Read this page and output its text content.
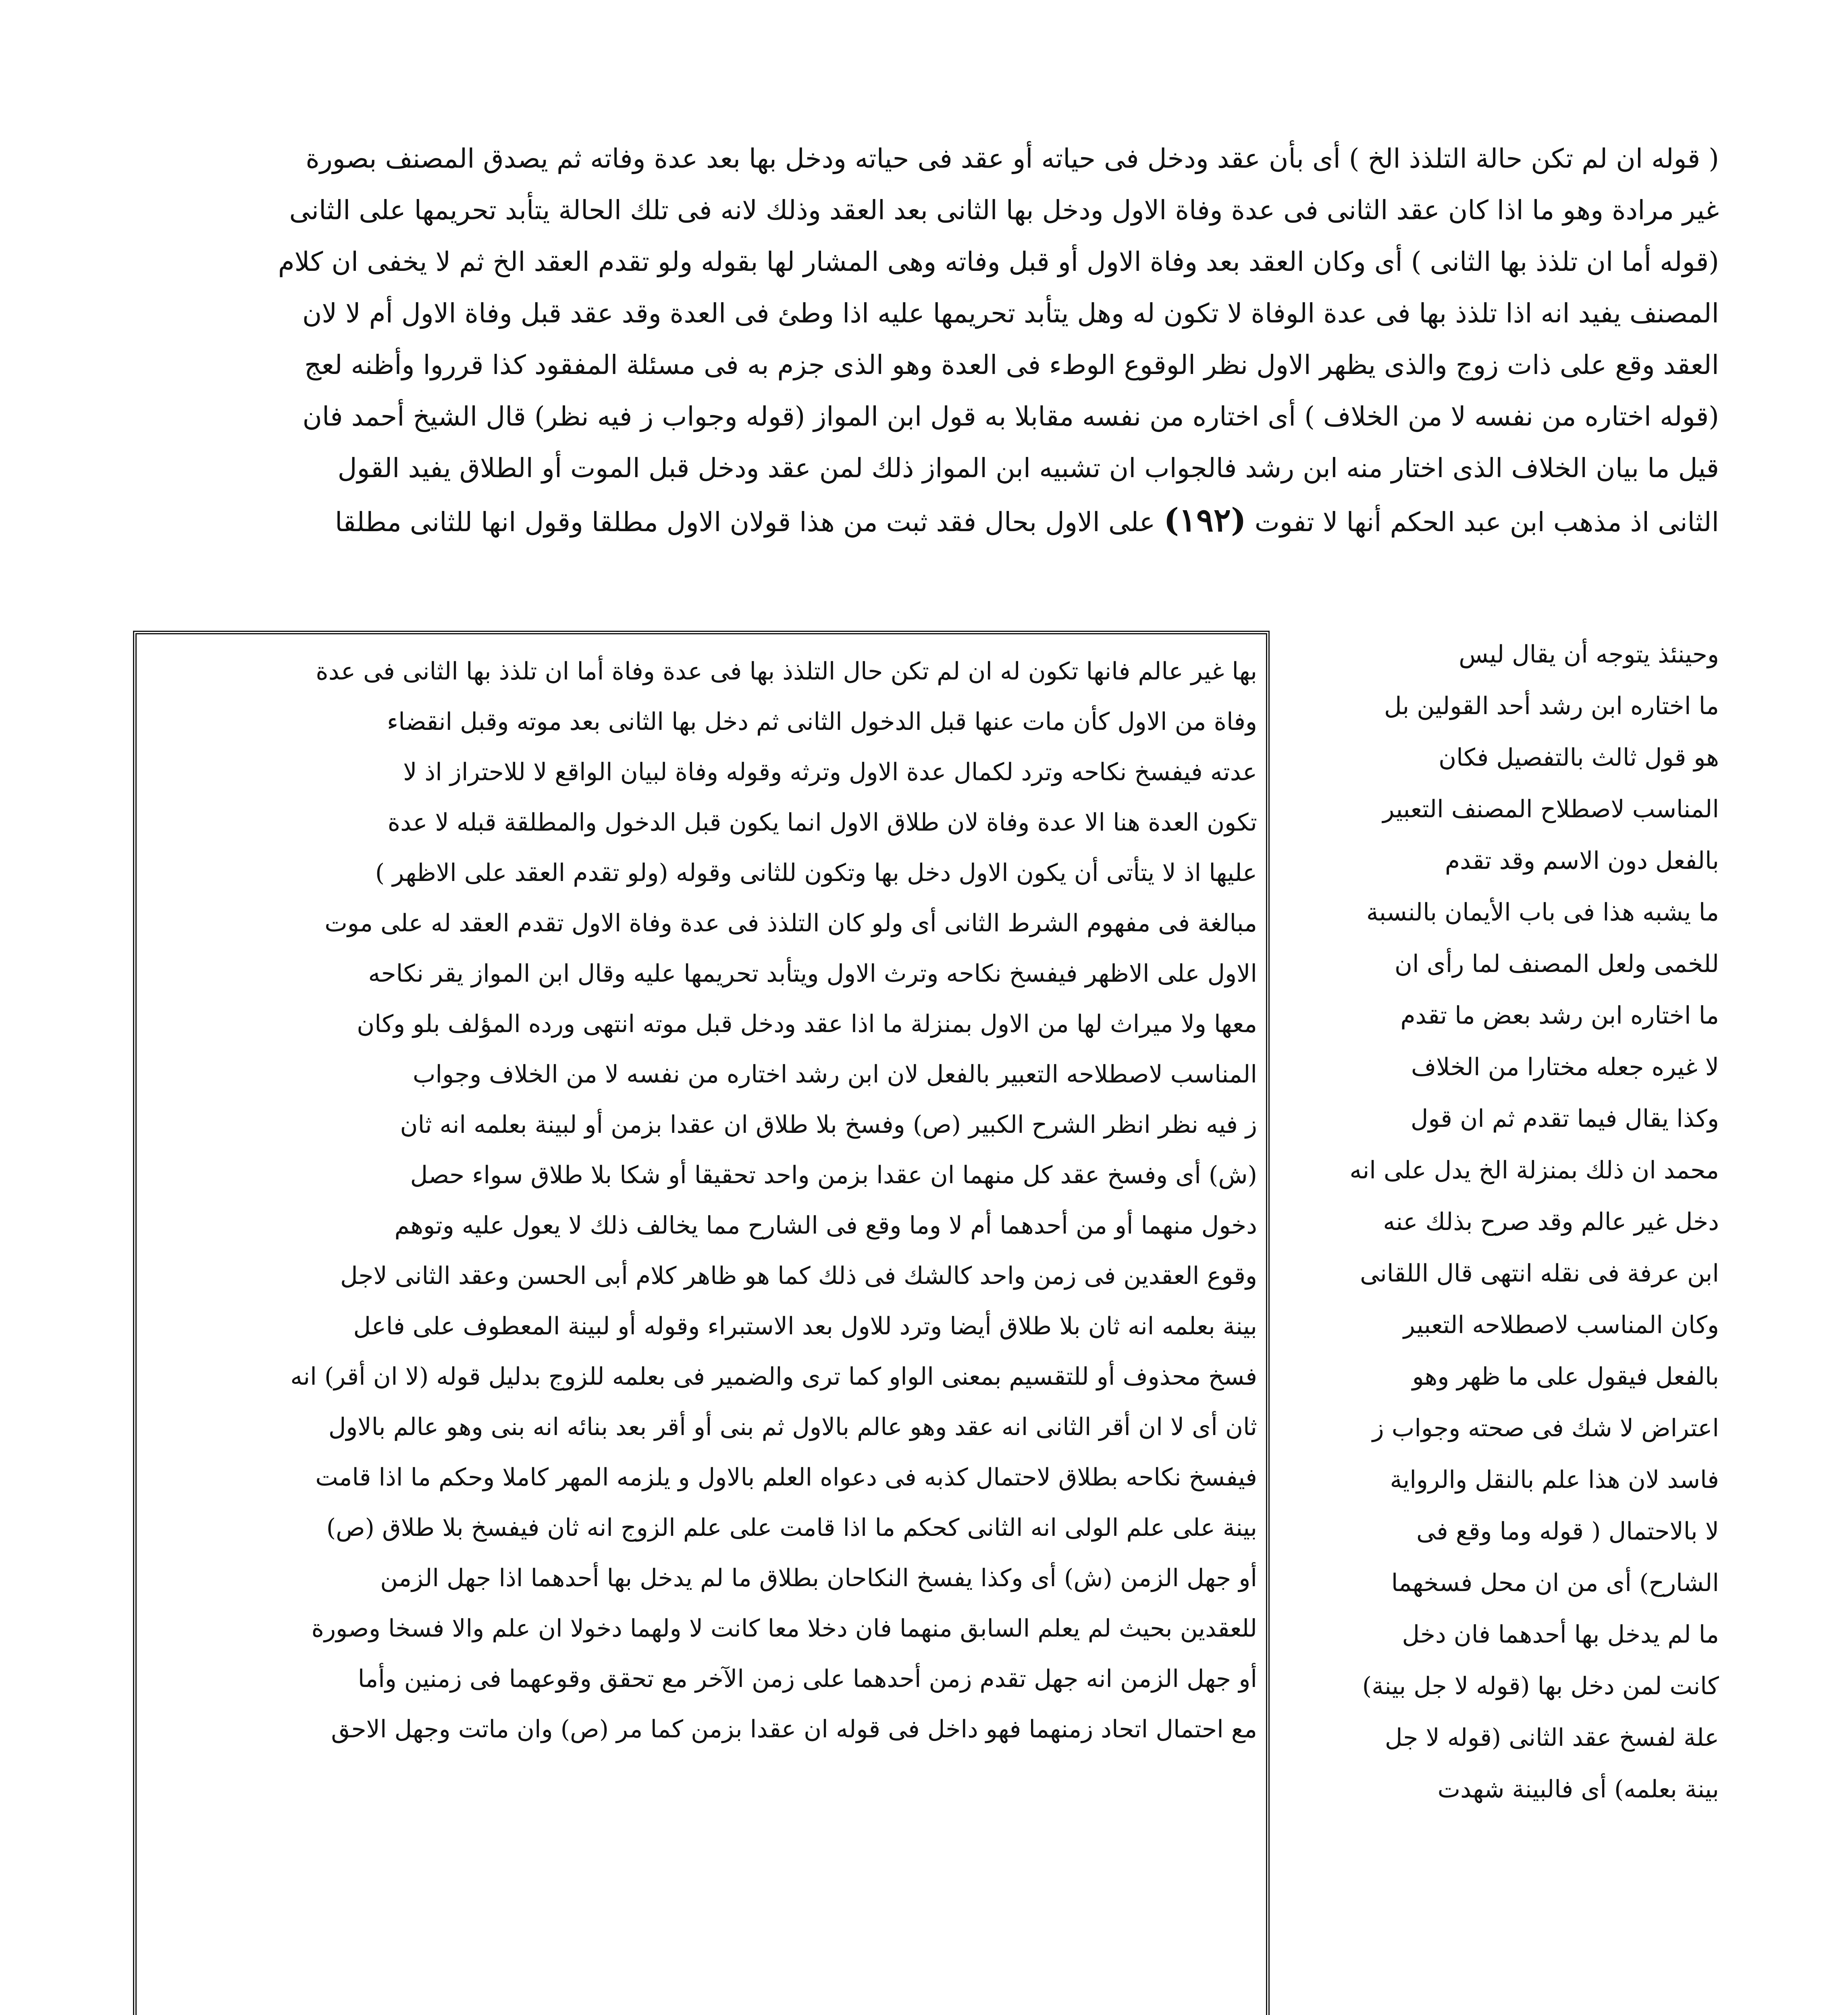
( قوله ان لم تكن حالة التلذذ الخ ) أى بأن عقد ودخل فى حياته أو عقد فى حياته ودخل بها بعد عدة وفاته ثم يصدق المصنف بصورة
غير مرادة وهو ما اذا كان عقد الثانى فى عدة وفاة الاول ودخل بها الثانى بعد العقد وذلك لانه فى تلك الحالة يتأبد تحريمها على الثانى
(قوله أما ان تلذذ بها الثانى ) أى وكان العقد بعد وفاة الاول أو قبل وفاته وهى المشار لها بقوله ولو تقدم العقد الخ ثم لا يخفى ان كلام
المصنف يفيد انه اذا تلذذ بها فى عدة الوفاة لا تكون له وهل يتأبد تحريمها عليه اذا وطئ فى العدة وقد عقد قبل وفاة الاول أم لا لان
العقد وقع على ذات زوج والذى يظهر الاول نظر الوقوع الوطء فى العدة وهو الذى جزم به فى مسئلة المفقود كذا قرروا وأظنه لعج
(قوله اختاره من نفسه لا من الخلاف ) أى اختاره من نفسه مقابلا به قول ابن المواز (قوله وجواب ز فيه نظر) قال الشيخ أحمد فان
قيل ما بيان الخلاف الذى اختار منه ابن رشد فالجواب ان تشبيه ابن المواز ذلك لمن عقد ودخل قبل الموت أو الطلاق يفيد القول
الثانى اذ مذهب ابن عبد الحكم أنها لا تفوت (١٩٢) على الاول بحال فقد ثبت من هذا قولان الاول مطلقا وقول انها للثانى مطلقا
بها غير عالم فانها تكون له ان لم تكن حال التلذذ بها فى عدة وفاة أما ان تلذذ بها الثانى فى عدة
وفاة من الاول كأن مات عنها قبل الدخول الثانى ثم دخل بها الثانى بعد موته وقبل انقضاء
عدته فيفسخ نكاحه وترد لكمال عدة الاول وترثه وقوله وفاة لبيان الواقع لا للاحتراز اذ لا
تكون العدة هنا الا عدة وفاة لان طلاق الاول انما يكون قبل الدخول والمطلقة قبله لا عدة
عليها اذ لا يتأتى أن يكون الاول دخل بها وتكون للثانى وقوله (ولو تقدم العقد على الاظهر )
مبالغة فى مفهوم الشرط الثانى أى ولو كان التلذذ فى عدة وفاة الاول تقدم العقد له على موت
الاول على الاظهر فيفسخ نكاحه وترث الاول ويتأبد تحريمها عليه وقال ابن المواز يقر نكاحه
معها ولا ميراث لها من الاول بمنزلة ما اذا عقد ودخل قبل موته انتهى ورده المؤلف بلو وكان
المناسب لاصطلاحه التعبير بالفعل لان ابن رشد اختاره من نفسه لا من الخلاف وجواب
ز فيه نظر انظر الشرح الكبير (ص) وفسخ بلا طلاق ان عقدا بزمن أو لبينة بعلمه انه ثان
(ش) أى وفسخ عقد كل منهما ان عقدا بزمن واحد تحقيقا أو شكا بلا طلاق سواء حصل
دخول منهما أو من أحدهما أم لا وما وقع فى الشارح مما يخالف ذلك لا يعول عليه وتوهم
وقوع العقدين فى زمن واحد كالشك فى ذلك كما هو ظاهر كلام أبى الحسن وعقد الثانى لاجل
بينة بعلمه انه ثان بلا طلاق أيضا وترد للاول بعد الاستبراء وقوله أو لبينة المعطوف على فاعل
فسخ محذوف أو للتقسيم بمعنى الواو كما ترى والضمير فى بعلمه للزوج بدليل قوله (لا ان أقر) انه
ثان أى لا ان أقر الثانى انه عقد وهو عالم بالاول ثم بنى أو أقر بعد بنائه انه بنى وهو عالم بالاول
فيفسخ نكاحه بطلاق لاحتمال كذبه فى دعواه العلم بالاول و يلزمه المهر كاملا وحكم ما اذا قامت
بينة على علم الولى انه الثانى كحكم ما اذا قامت على علم الزوج انه ثان فيفسخ بلا طلاق (ص)
أو جهل الزمن (ش) أى وكذا يفسخ النكاحان بطلاق ما لم يدخل بها أحدهما اذا جهل الزمن
للعقدين بحيث لم يعلم السابق منهما فان دخلا معا كانت لا ولهما دخولا ان علم والا فسخا وصورة
أو جهل الزمن انه جهل تقدم زمن أحدهما على زمن الآخر مع تحقق وقوعهما فى زمنين وأما
مع احتمال اتحاد زمنهما فهو داخل فى قوله ان عقدا بزمن كما مر (ص) وان ماتت وجهل الاحق
وحينئذ يتوجه أن يقال ليس
ما اختاره ابن رشد أحد القولين بل
هو قول ثالث بالتفصيل فكان
المناسب لاصطلاح المصنف التعبير
بالفعل دون الاسم وقد تقدم
ما يشبه هذا فى باب الأيمان بالنسبة
للخمى ولعل المصنف لما رأى ان
ما اختاره ابن رشد بعض ما تقدم
لا غيره جعله مختارا من الخلاف
وكذا يقال فيما تقدم ثم ان قول
محمد ان ذلك بمنزلة الخ يدل على انه
دخل غير عالم وقد صرح بذلك عنه
ابن عرفة فى نقله انتهى قال اللقانى
وكان المناسب لاصطلاحه التعبير
بالفعل فيقول على ما ظهر وهو
اعتراض لا شك فى صحته وجواب ز
فاسد لان هذا علم بالنقل والرواية
لا بالاحتمال ( قوله وما وقع فى
الشارح) أى من ان محل فسخهما
ما لم يدخل بها أحدهما فان دخل
كانت لمن دخل بها (قوله لا جل بينة)
علة لفسخ عقد الثانى (قوله لا جل
بينة بعلمه) أى فالبينة شهدت
